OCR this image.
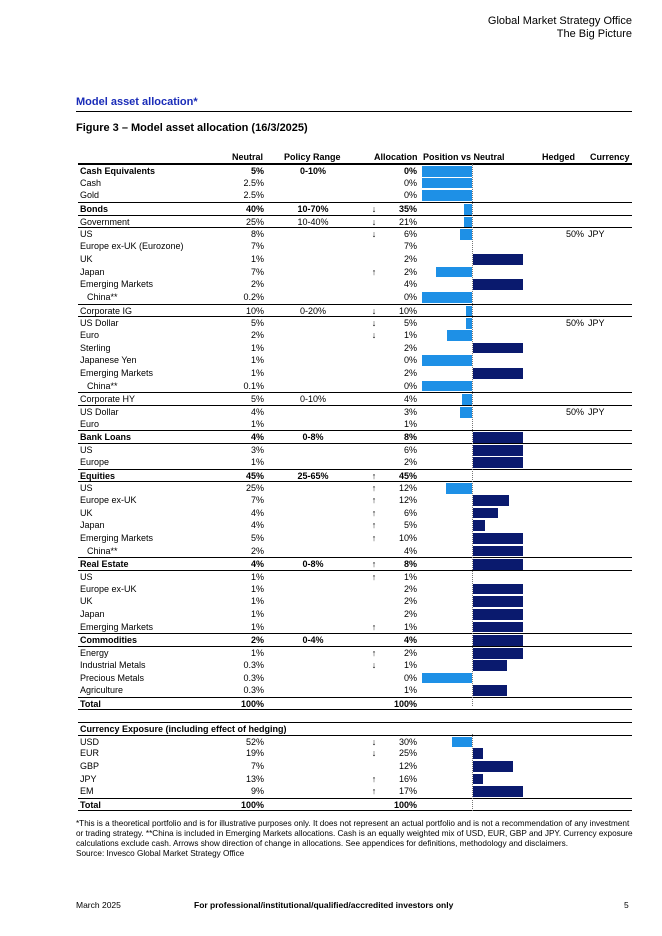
Global Market Strategy Office
The Big Picture
Model asset allocation*
Figure 3 – Model asset allocation (16/3/2025)
Neutral Policy Range	Allocation Position vs Neutral	Hedged Currency
Cash Equivalents	5%	0-10%	0%
Cash	2.5%	0%
Gold	2.5%	0%
Bonds	40%	10-70%	↓	35%
Government	25%	10-40%	↓	21%
US	8%	↓	6%	50% JPY
Europe ex-UK (Eurozone)	7%	7%
UK	1%	2%
Japan	7%	↑	2%
Emerging Markets	2%	4%
China**	0.2%	0%
Corporate IG	10%	0-20%	↓	10%
US Dollar	5%	↓	5%	50% JPY
Euro	2%	↓	1%
Sterling	1%	2%
Japanese Yen	1%	0%
Emerging Markets	1%	2%
China**	0.1%	0%
Corporate HY	5%	0-10%	4%
US Dollar	4%	3%	50% JPY
Euro	1%	1%
Bank Loans	4%	0-8%	8%
US	3%	6%
Europe	1%	2%
Equities	45%	25-65%	↑	45%
US	25%	↑	12%
Europe ex-UK	7%	↑	12%
UK	4%	↑	6%
Japan	4%	↑	5%
Emerging Markets	5%	↑	10%
China**	2%	4%
Real Estate	4%	0-8%	↑	8%
US	1%	↑	1%
Europe ex-UK	1%	2%
UK	1%	2%
Japan	1%	2%
Emerging Markets	1%	↑	1%
Commodities	2%	0-4%	4%
Energy	1%	↑	2%
Industrial Metals	0.3%	↓	1%
Precious Metals	0.3%	0%
Agriculture	0.3%	1%
Total	100%	100%
Currency Exposure (including effect of hedging)
USD	52%	↓	30%
EUR	19%	↓	25%
GBP	7%	12%
JPY	13%	↑	16%
EM	9%	↑	17%
Total	100%	100%
*This is a theoretical portfolio and is for illustrative purposes only. It does not represent an actual portfolio and is not a recommendation of any investment or trading strategy. **China is included in Emerging Markets allocations. Cash is an equally weighted mix of USD, EUR, GBP and JPY. Currency exposure calculations exclude cash. Arrows show direction of change in allocations. See appendices for definitions, methodology and disclaimers.
Source: Invesco Global Market Strategy Office
March 2025	For professional/institutional/qualified/accredited investors only	5
